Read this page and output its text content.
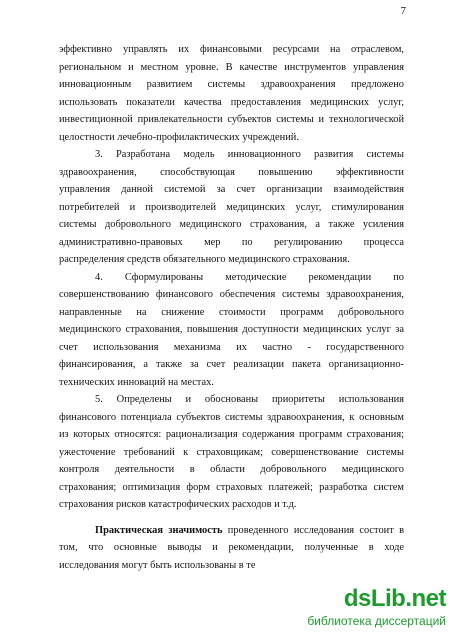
7
эффективно управлять их финансовыми ресурсами на отраслевом,
региональном и местном уровне. В качестве инструментов управления
инновационным развитием системы здравоохранения предложено
использовать показатели качества предоставления медицинских услуг,
инвестиционной привлекательности субъектов системы и технологической
целостности лечебно-профилактических учреждений.
3. Разработана модель инновационного развития системы
здравоохранения, способствующая повышению эффективности
управления данной системой за счет организации взаимодействия
потребителей и производителей медицинских услуг, стимулирования
системы добровольного медицинского страхования, а также усиления
административно-правовых мер по регулированию процесса
распределения средств обязательного медицинского страхования.
4. Сформулированы методические рекомендации по
совершенствованию финансового обеспечения системы здравоохранения,
направленные на снижение стоимости программ добровольного
медицинского страхования, повышения доступности медицинских услуг за
счет использования механизма их частно - государственного
финансирования, а также за счет реализации пакета организационно-
технических инноваций на местах.
5. Определены и обоснованы приоритеты использования
финансового потенциала субъектов системы здравоохранения, к основным
из которых относятся: рационализация содержания программ страхования;
ужесточение требований к страховщикам; совершенствование системы
контроля деятельности в области добровольного медицинского
страхования; оптимизация форм страховых платежей; разработка систем
страхования рисков катастрофических расходов и т.д.
Практическая значимость проведенного исследования состоит в
том, что основные выводы и рекомендации, полученные в ходе
исследования могут быть использованы в те
dsLib.net
библиотека диссертаций
